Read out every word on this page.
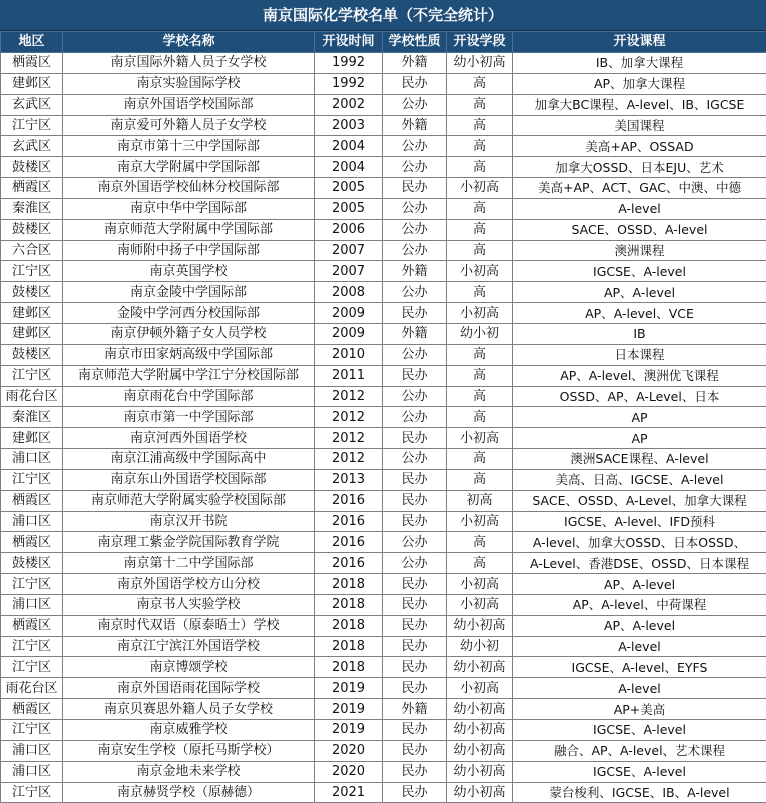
南京国际化学校名单（不完全统计）
地区	学校名称	开设时间	学校性质	开设学段	开设课程
栖霞区	南京国际外籍人员子女学校	1992	外籍	幼小初高	IB、加拿大课程
建邺区	南京实验国际学校	1992	民办	高	AP、加拿大课程
玄武区	南京外国语学校国际部	2002	公办	高	加拿大BC课程、A-level、IB、IGCSE
江宁区	南京爱可外籍人员子女学校	2003	外籍	高	美国课程
玄武区	南京市第十三中学国际部	2004	公办	高	美高+AP、OSSAD
鼓楼区	南京大学附属中学国际部	2004	公办	高	加拿大OSSD、日本EJU、艺术
栖霞区	南京外国语学校仙林分校国际部	2005	民办	小初高	美高+AP、ACT、GAC、中澳、中德
秦淮区	南京中华中学国际部	2005	公办	高	A-level
鼓楼区	南京师范大学附属中学国际部	2006	公办	高	SACE、OSSD、A-level
六合区	南师附中扬子中学国际部	2007	公办	高	澳洲课程
江宁区	南京英国学校	2007	外籍	小初高	IGCSE、A-level
鼓楼区	南京金陵中学国际部	2008	公办	高	AP、A-level
建邺区	金陵中学河西分校国际部	2009	民办	小初高	AP、A-level、VCE
建邺区	南京伊顿外籍子女人员学校	2009	外籍	幼小初	IB
鼓楼区	南京市田家炳高级中学国际部	2010	公办	高	日本课程
江宁区	南京师范大学附属中学江宁分校国际部	2011	民办	高	AP、A-level、澳洲优飞课程
雨花台区	南京雨花台中学国际部	2012	公办	高	OSSD、AP、A-Level、日本
秦淮区	南京市第一中学国际部	2012	公办	高	AP
建邺区	南京河西外国语学校	2012	民办	小初高	AP
浦口区	南京江浦高级中学国际高中	2012	公办	高	澳洲SACE课程、A-level
江宁区	南京东山外国语学校国际部	2013	民办	高	美高、日高、IGCSE、A-level
栖霞区	南京师范大学附属实验学校国际部	2016	民办	初高	SACE、OSSD、A-Level、加拿大课程
浦口区	南京汉开书院	2016	民办	小初高	IGCSE、A-level、IFD预科
栖霞区	南京理工紫金学院国际教育学院	2016	公办	高	A-level、加拿大OSSD、日本OSSD、
鼓楼区	南京第十二中学国际部	2016	公办	高	A-Level、香港DSE、OSSD、日本课程
江宁区	南京外国语学校方山分校	2018	民办	小初高	AP、A-level
浦口区	南京书人实验学校	2018	民办	小初高	AP、A-level、中荷课程
栖霞区	南京时代双语（原泰晤士）学校	2018	民办	幼小初高	AP、A-level
江宁区	南京江宁滨江外国语学校	2018	民办	幼小初	A-level
江宁区	南京博颂学校	2018	民办	幼小初高	IGCSE、A-level、EYFS
雨花台区	南京外国语雨花国际学校	2019	民办	小初高	A-level
栖霞区	南京贝赛思外籍人员子女学校	2019	外籍	幼小初高	AP+美高
江宁区	南京威雅学校	2019	民办	幼小初高	IGCSE、A-level
浦口区	南京安生学校（原托马斯学校）	2020	民办	幼小初高	融合、AP、A-level、艺术课程
浦口区	南京金地未来学校	2020	民办	幼小初高	IGCSE、A-level
江宁区	南京赫贤学校（原赫德）	2021	民办	幼小初高	蒙台梭利、IGCSE、IB、A-level
